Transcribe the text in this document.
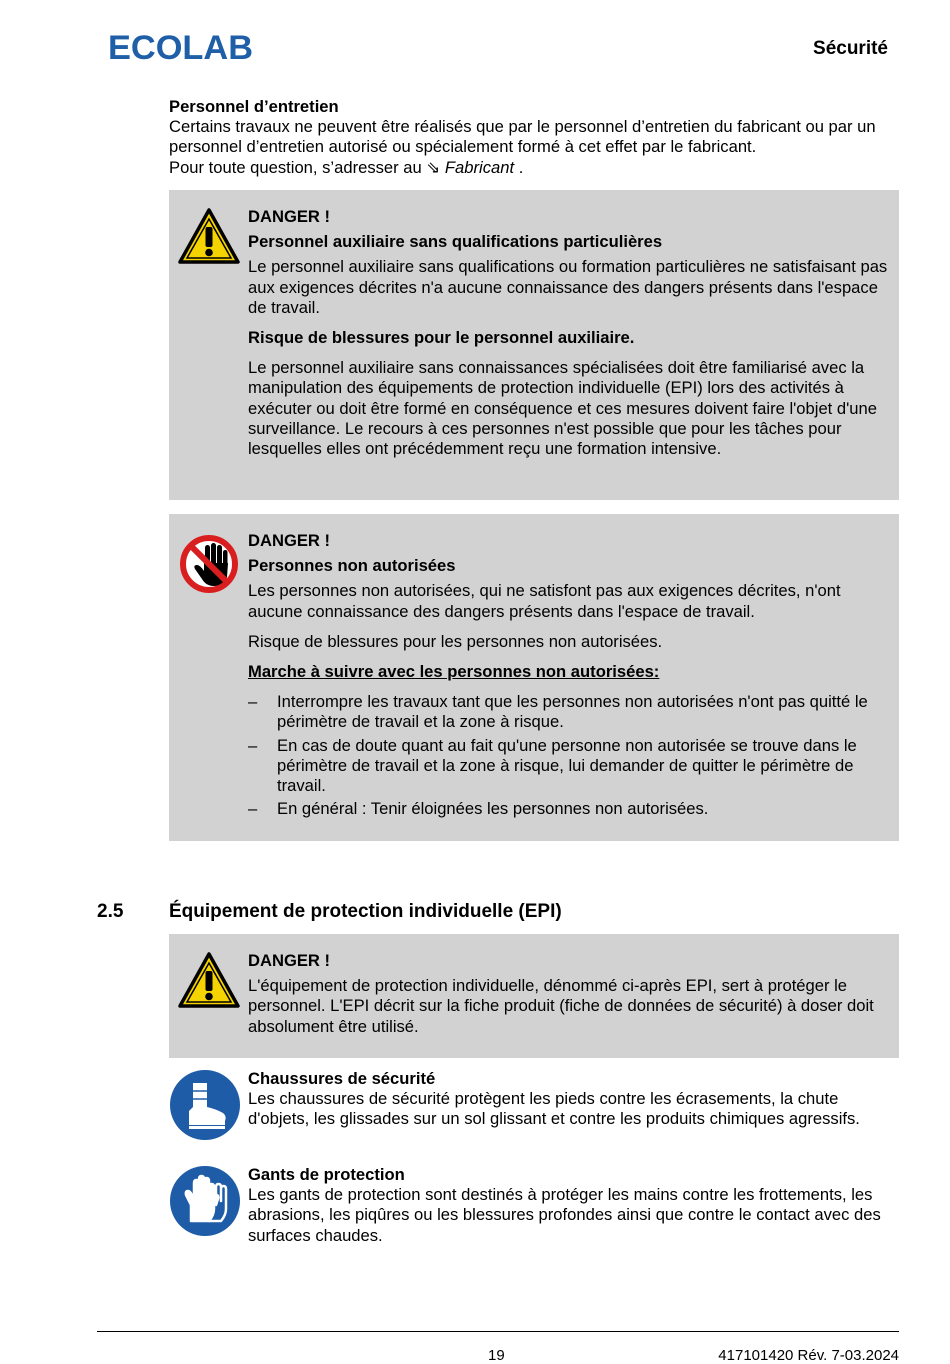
ECOLAB	Sécurité

Personnel d’entretien

Certains travaux ne peuvent être réalisés que par le personnel d’entretien du fabricant ou par un personnel d’entretien autorisé ou spécialement formé à cet effet par le fabricant.

Pour toute question, s’adresser au ⇘ Fabricant .

DANGER !

Personnel auxiliaire sans qualifications particulières

Le personnel auxiliaire sans qualifications ou formation particulières ne satisfaisant pas aux exigences décrites n'a aucune connaissance des dangers présents dans l'espace de travail.

Risque de blessures pour le personnel auxiliaire.

Le personnel auxiliaire sans connaissances spécialisées doit être familiarisé avec la manipulation des équipements de protection individuelle (EPI) lors des activités à exécuter ou doit être formé en conséquence et ces mesures doivent faire l'objet d'une surveillance. Le recours à ces personnes n'est possible que pour les tâches pour lesquelles elles ont précédemment reçu une formation intensive.

DANGER !

Personnes non autorisées

Les personnes non autorisées, qui ne satisfont pas aux exigences décrites, n'ont aucune connaissance des dangers présents dans l'espace de travail.

Risque de blessures pour les personnes non autorisées.

Marche à suivre avec les personnes non autorisées:

– Interrompre les travaux tant que les personnes non autorisées n'ont pas quitté le périmètre de travail et la zone à risque.
– En cas de doute quant au fait qu'une personne non autorisée se trouve dans le périmètre de travail et la zone à risque, lui demander de quitter le périmètre de travail.
– En général : Tenir éloignées les personnes non autorisées.
2.5 Équipement de protection individuelle (EPI)

DANGER !

L'équipement de protection individuelle, dénommé ci-après EPI, sert à protéger le personnel. L'EPI décrit sur la fiche produit (fiche de données de sécurité) à doser doit absolument être utilisé.

Chaussures de sécurité

Les chaussures de sécurité protègent les pieds contre les écrasements, la chute d'objets, les glissades sur un sol glissant et contre les produits chimiques agressifs.

Gants de protection

Les gants de protection sont destinés à protéger les mains contre les frottements, les abrasions, les piqûres ou les blessures profondes ainsi que contre le contact avec des surfaces chaudes.

19	417101420 Rév. 7-03.2024
